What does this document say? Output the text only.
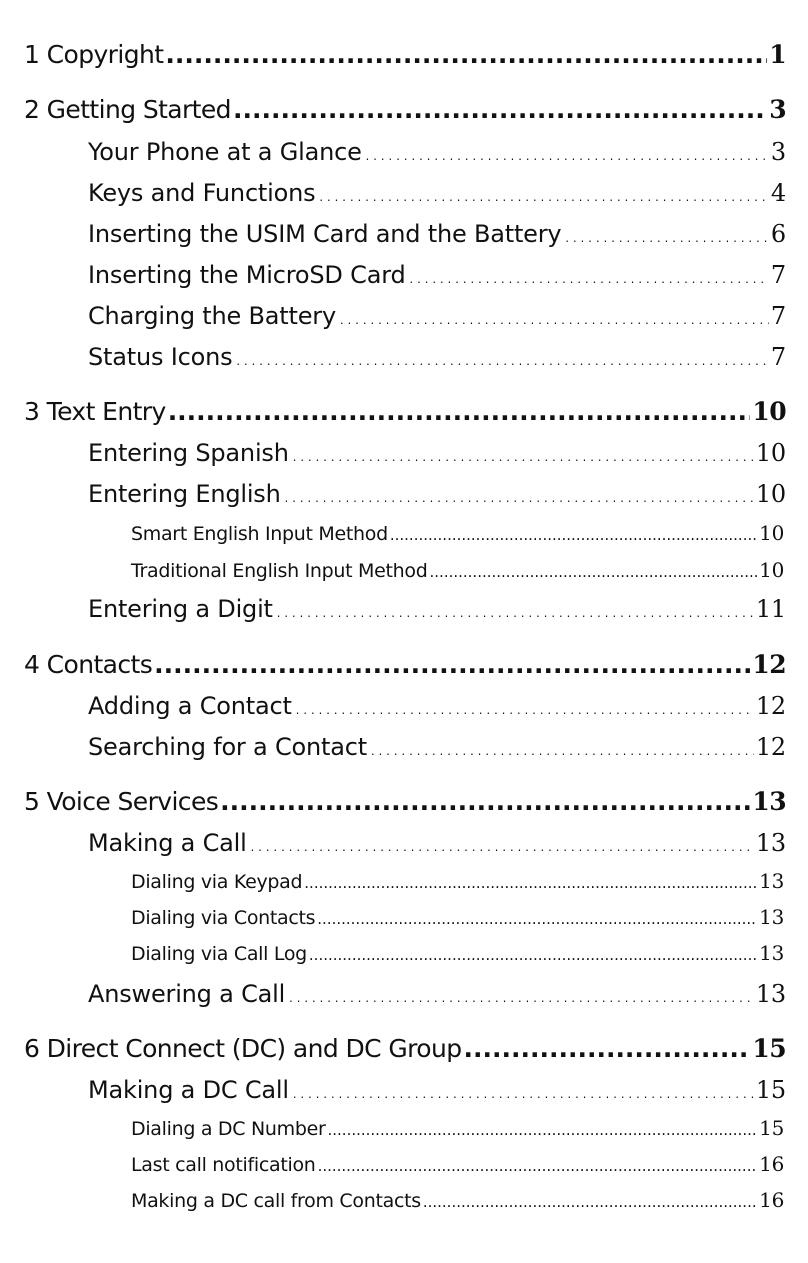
1 Copyright .....	1
2 Getting Started .....	3
Your Phone at a Glance .....	3
Keys and Functions .....	4
Inserting the USIM Card and the Battery .....	6
Inserting the MicroSD Card .....	7
Charging the Battery .....	7
Status Icons .....	7
3 Text Entry .....	10
Entering Spanish .....	10
Entering English .....	10
Smart English Input Method .....	10
Traditional English Input Method .....	10
Entering a Digit .....	11
4 Contacts .....	12
Adding a Contact .....	12
Searching for a Contact .....	12
5 Voice Services .....	13
Making a Call .....	13
Dialing via Keypad .....	13
Dialing via Contacts .....	13
Dialing via Call Log .....	13
Answering a Call .....	13
6 Direct Connect (DC) and DC Group .....	15
Making a DC Call .....	15
Dialing a DC Number .....	15
Last call notification .....	16
Making a DC call from Contacts .....	16
